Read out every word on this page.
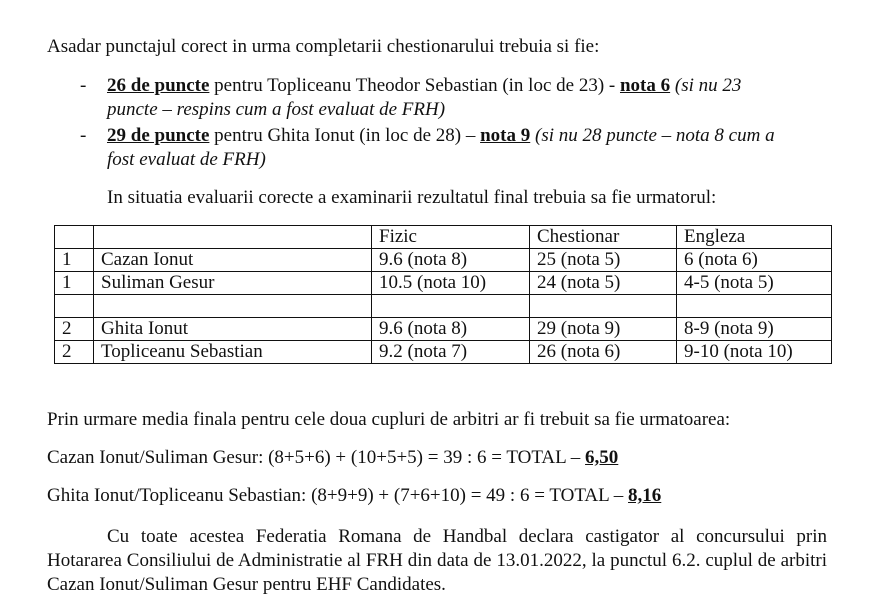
Asadar punctajul corect in urma completarii chestionarului trebuia si fie:
- 26 de puncte pentru Topliceanu Theodor Sebastian (in loc de 23) - nota 6 (si nu 23
puncte – respins cum a fost evaluat de FRH)
- 29 de puncte pentru Ghita Ionut (in loc de 28) – nota 9 (si nu 28 puncte – nota 8 cum a
fost evaluat de FRH)
In situatia evaluarii corecte a examinarii rezultatul final trebuia sa fie urmatorul:
		Fizic	Chestionar	Engleza
1	Cazan Ionut	9.6 (nota 8)	25 (nota 5)	6 (nota 6)
1	Suliman Gesur	10.5 (nota 10)	24 (nota 5)	4-5 (nota 5)

2	Ghita Ionut	9.6 (nota 8)	29 (nota 9)	8-9 (nota 9)
2	Topliceanu Sebastian	9.2 (nota 7)	26 (nota 6)	9-10 (nota 10)
Prin urmare media finala pentru cele doua cupluri de arbitri ar fi trebuit sa fie urmatoarea:
Cazan Ionut/Suliman Gesur: (8+5+6) + (10+5+5) = 39 : 6 = TOTAL – 6,50
Ghita Ionut/Topliceanu Sebastian: (8+9+9) + (7+6+10) = 49 : 6 = TOTAL – 8,16
Cu toate acestea Federatia Romana de Handbal declara castigator al concursului prin Hotararea Consiliului de Administratie al FRH din data de 13.01.2022, la punctul 6.2. cuplul de arbitri Cazan Ionut/Suliman Gesur pentru EHF Candidates.
